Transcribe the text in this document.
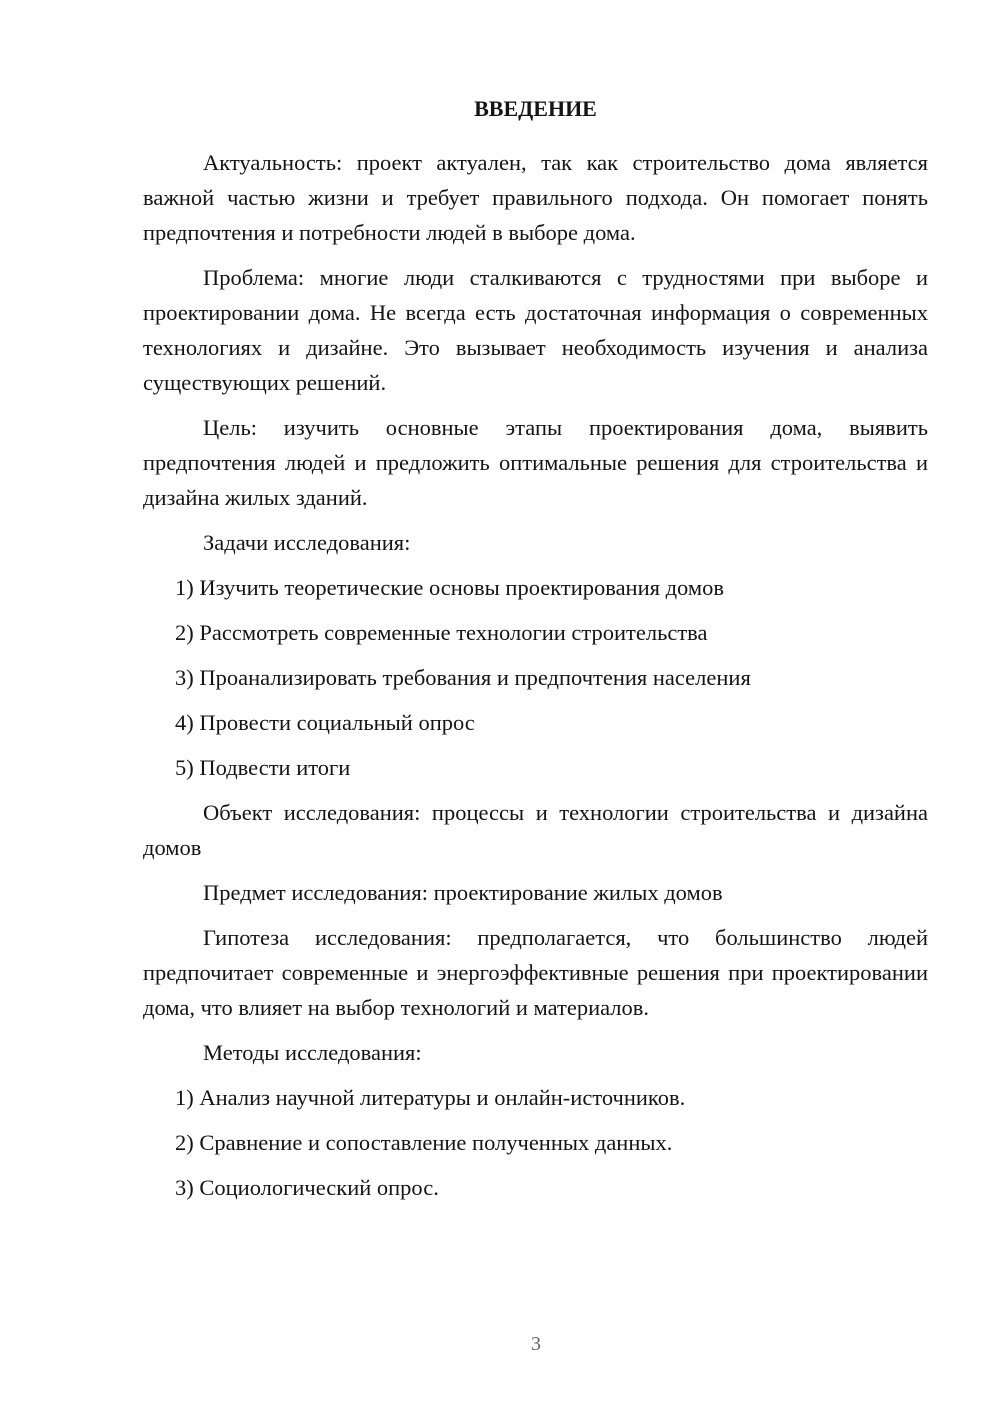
ВВЕДЕНИЕ

Актуальность: проект актуален, так как строительство дома является важной частью жизни и требует правильного подхода. Он помогает понять предпочтения и потребности людей в выборе дома.

Проблема: многие люди сталкиваются с трудностями при выборе и проектировании дома. Не всегда есть достаточная информация о современных технологиях и дизайне. Это вызывает необходимость изучения и анализа существующих решений.

Цель: изучить основные этапы проектирования дома, выявить предпочтения людей и предложить оптимальные решения для строительства и дизайна жилых зданий.

Задачи исследования:

1) Изучить теоретические основы проектирования домов

2) Рассмотреть современные технологии строительства

3) Проанализировать требования и предпочтения населения

4) Провести социальный опрос

5) Подвести итоги

Объект исследования: процессы и технологии строительства и дизайна домов

Предмет исследования: проектирование жилых домов

Гипотеза исследования: предполагается, что большинство людей предпочитает современные и энергоэффективные решения при проектировании дома, что влияет на выбор технологий и материалов.

Методы исследования:

1) Анализ научной литературы и онлайн-источников.

2) Сравнение и сопоставление полученных данных.

3) Социологический опрос.

3
